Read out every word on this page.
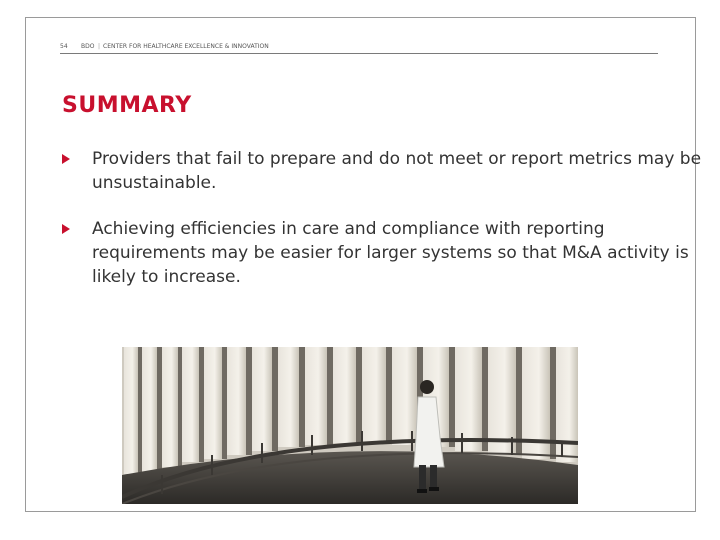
54 BDO | CENTER FOR HEALTHCARE EXCELLENCE & INNOVATION
SUMMARY
Providers that fail to prepare and do not meet or report metrics may be unsustainable.
Achieving efficiencies in care and compliance with reporting requirements may be easier for larger systems so that M&A activity is likely to increase.
